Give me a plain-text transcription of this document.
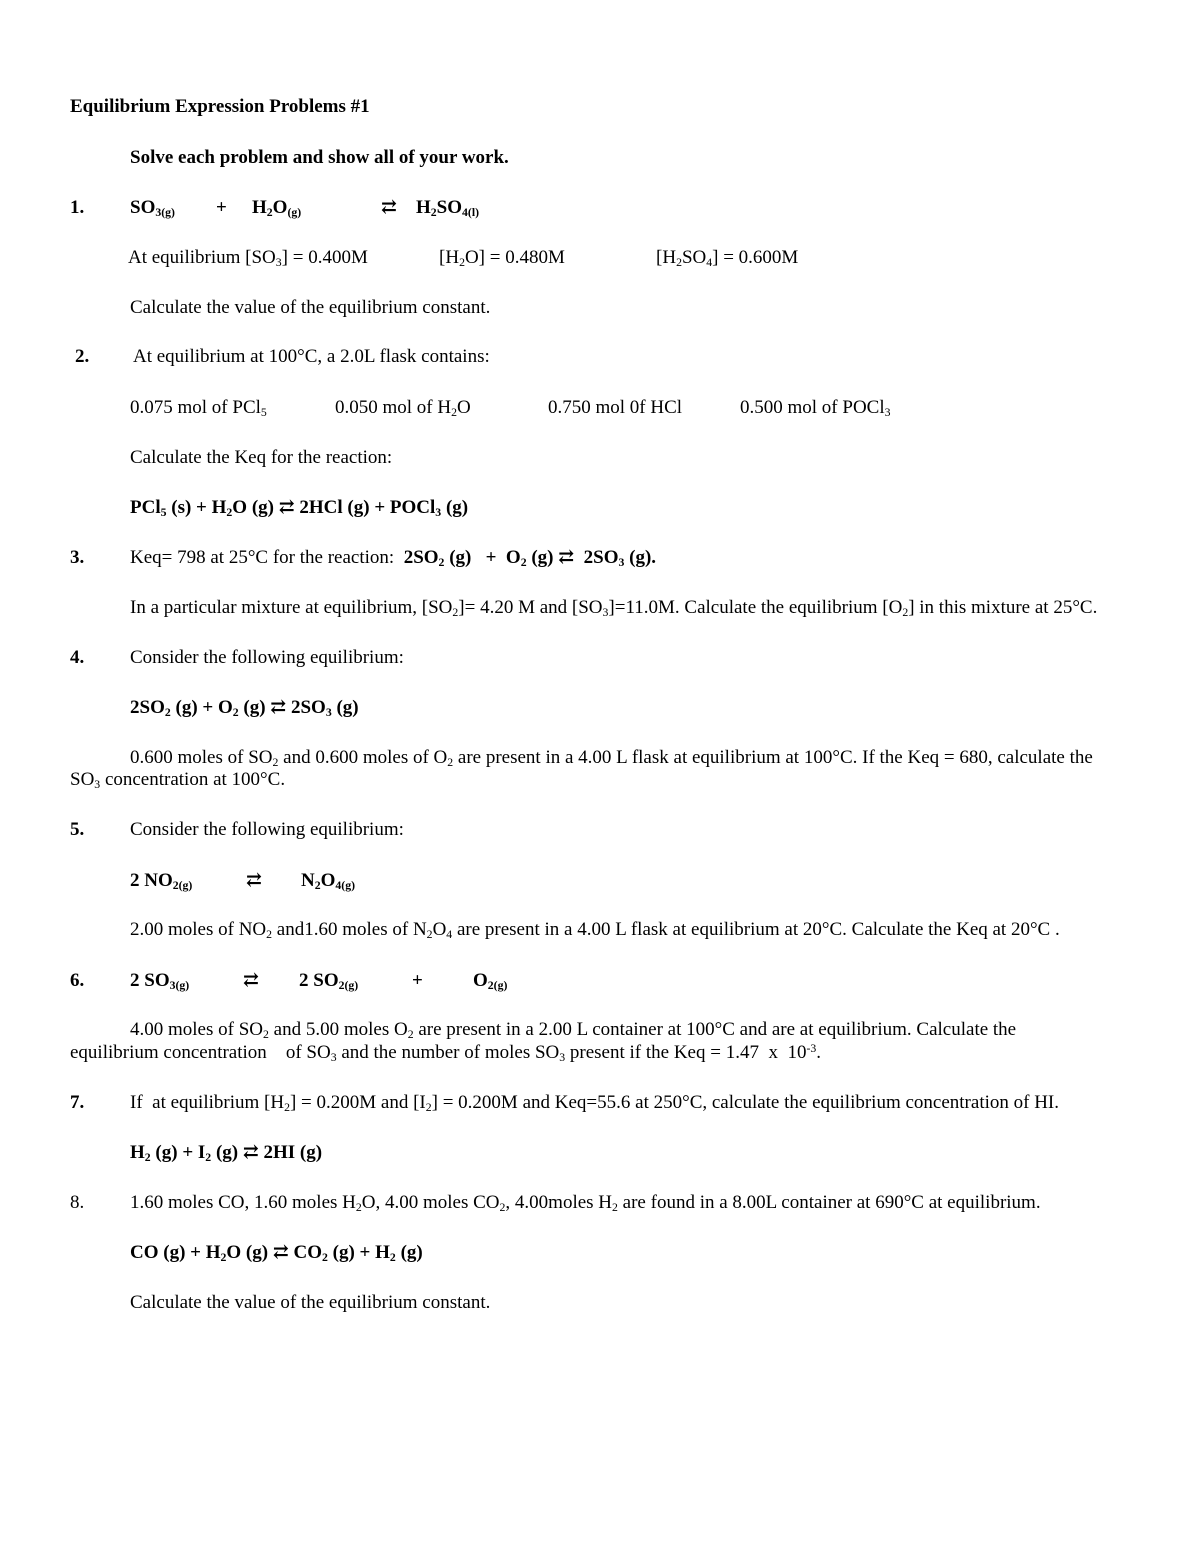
Equilibrium Expression Problems #1
Solve each problem and show all of your work.
1. $SO_{3(g)} + H_2O_{(g)}$	⇄ $H_2SO_{4(l)}$
At equilibrium $[SO_3] = 0.400M$	$[H_2O] = 0.480M$	$[H_2SO_4] = 0.600M$
Calculate the value of the equilibrium constant.
2. At equilibrium at 100°C, a 2.0L flask contains:
0.075 mol of PCl$_5$	0.050 mol of $H_2O$	0.750 mol 0f HCl	0.500 mol of POCl$_3$
Calculate the Keq for the reaction:
PCl$_5$ $(s) + H_2O$ (g) ⇄ 2HCl (g) + POCl$_3$ (g)
3. Keq= 798 at 25°C for the reaction: $2SO_2$ $(g) + O_2$ (g) ⇄  $2SO_3$ (g).
In a particular mixture at equilibrium, $[SO_2]= 4.20$ M and $[SO_3]=11.0M$. Calculate the equilibrium $[O_2]$ in this mixture at 25°C.
4. Consider the following equilibrium:
$2SO_2$ $(g) + O_2$ (g) ⇄ $2SO_3$ (g)
0.600 moles of $SO_2$ and 0.600 moles of $O_2$ are present in a 4.00 L flask at equilibrium at 100°C. If the Keq = 680, calculate the
$SO_3$ concentration at 100°C.
5. Consider the following equilibrium:
2 $NO_{2(g)}$	⇄ $N_2O_{4(g)}$
2.00 moles of $NO_2$ and1.60 moles of $N_2O_4$ are present in a 4.00 L flask at equilibrium at 20°C. Calculate the Keq at 20°C .
6. 2 $SO_{3(g)}$	⇄ 2 $SO_{2(g)}$	+	$O_{2(g)}$
4.00 moles of $SO_2$ and 5.00 moles $O_2$ are present in a 2.00 L container at 100°C and are at equilibrium. Calculate the
equilibrium concentration of $SO_3$ and the number of moles $SO_3$ present if the Keq = 1.47  x  $10^{-3}$.
7. If  at equilibrium $[H_2] = 0.200M$ and $[I_2] = 0.200M$ and Keq=55.6 at 250°C, calculate the equilibrium concentration of HI.
$H_2$ $(g) + I_2$ (g) ⇄ 2HI (g)
8. 1.60 moles CO, 1.60 moles $H_2O$, 4.00 moles $CO_2$, 4.00moles $H_2$ are found in a 8.00L container at 690°C at equilibrium.
CO $(g) + H_2O$ (g) ⇄ $CO_2$ $(g) + H_2$ (g)
Calculate the value of the equilibrium constant.
